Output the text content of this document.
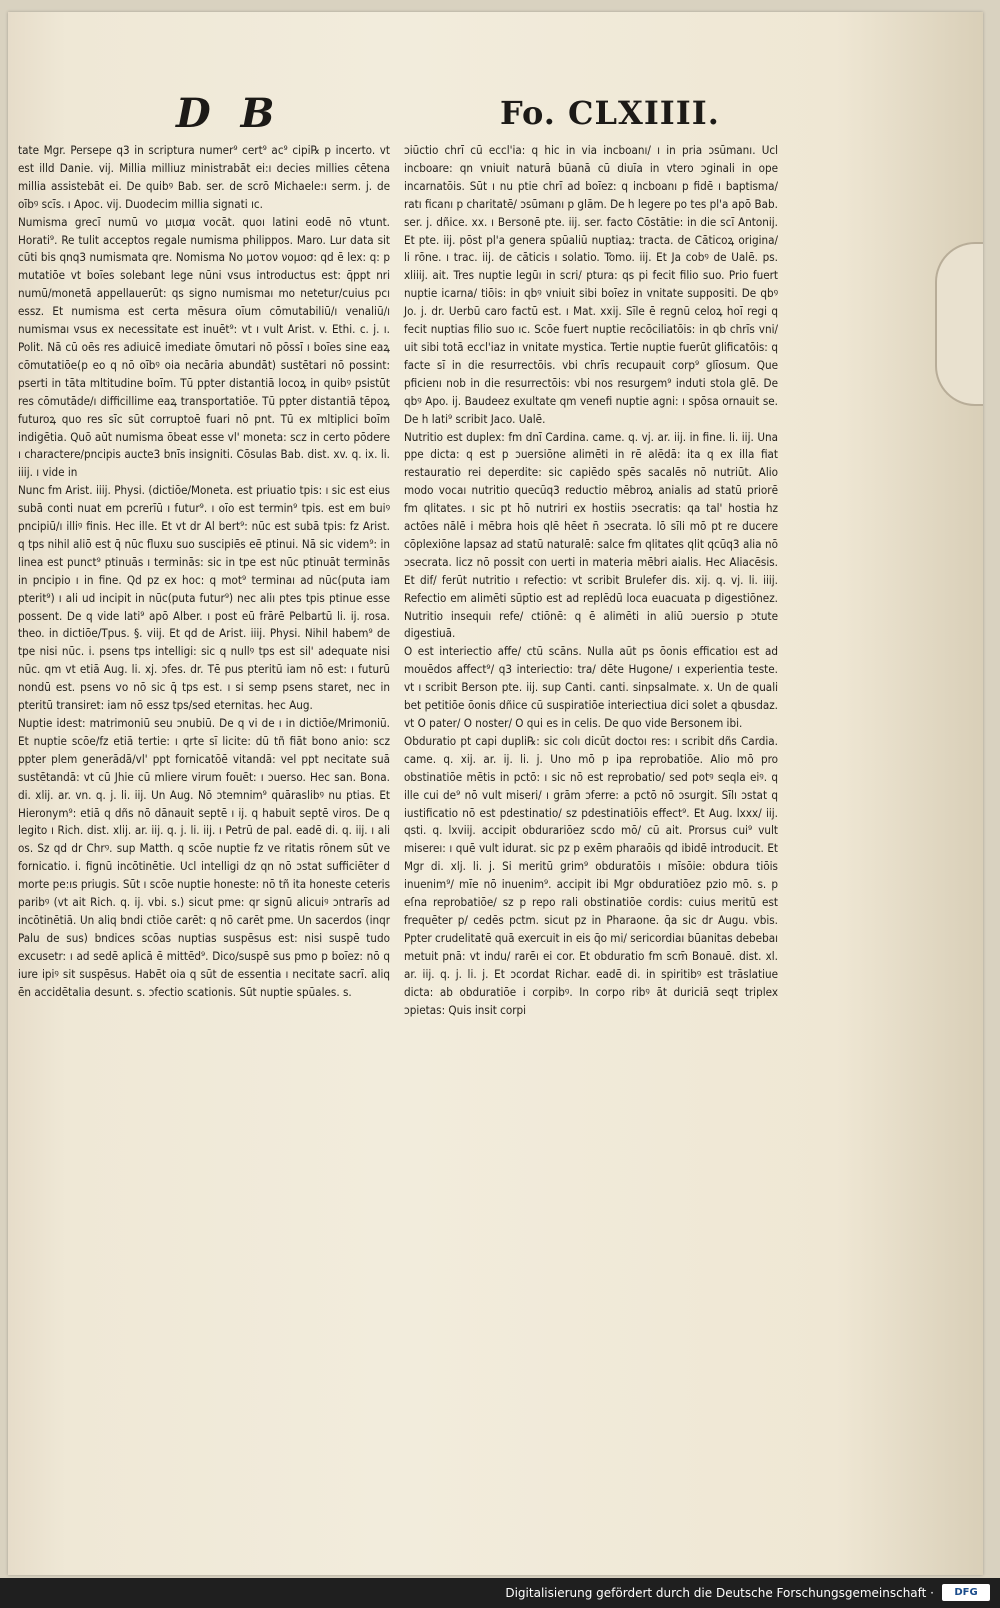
D B	Fo. CLXIIII.

tate Mgr. Persepe q3 in scriptura numer⁹ cert⁹ ac⁹ cipi℞ p incerto. vt est illd Danie. vij. Millia milliuz ministrabāt ei:ı decies millies cētena millia assistebāt ei. De quibꝰ Bab. ser. de scrō Michaele:ı serm. j. de oībꝰ scīs. ı Apoc. vij. Duodecim millia signati ıc.

Numisma grecī numū vo μισμα vocāt. quoı latini eodē nō vtunt. Horati⁹. Re tulit acceptos regale numisma philippos. Maro. Lur data sit cūti bis qnq3 numismata qre. Nomisma No μοτον νομοσ: qd ē lex: q: p mutatiōe vt boīes solebant lege nūni vsus introductus est: q̄ppt nri numū/monetā appellauerūt: qs signo numismaı mo netetur/cuius pcı essz. Et numisma est certa mēsura oīum cōmutabiliū/ı venaliū/ı numismaı vsus ex necessitate est inuēt⁹: vt ı vult Arist. v. Ethi. c. j. ı. Polit. Nā cū oēs res adiuicē imediate ōmutari nō pōssī ı boīes sine eaꝝ cōmutatiōe(p eo q nō oībꝰ oia necāria abundāt) sustētari nō possint: pserti in tāta mltitudine boīm. Tū ppter distantiā locoꝝ in quibꝰ psistūt res cōmutāde/ı difficillime eaꝝ transportatiōe. Tū ppter distantiā tēpoꝝ futuroꝝ quo res sīc sūt corruptoē fuari nō pnt. Tū ex mltiplici boīm indigētia. Quō aūt numisma ōbeat esse vl' moneta: scz in certo pōdere ı charactere/pncipis aucte3 bnīs insigniti. Cōsulas Bab. dist. xv. q. ix. li. iiij. ı vide in

Nunc fm Arist. iiij. Physi. (dictiōe/Moneta. est priuatio tpis: ı sic est eius subā conti nuat em pcrerīū ı futur⁹. ı oīo est termin⁹ tpis. est em buiꝰ pncipiū/ı illiꝰ finis. Hec ille. Et vt dr Al bert⁹: nūc est subā tpis: fz Arist. q tps nihil aliō est q̄ nūc fluxu suo suscipiēs eē ptinui. Nā sic videm⁹: in linea est punct⁹ ptinuās ı terminās: sic in tpe est nūc ptinuāt terminās in pncipio ı in fine. Qd pz ex hoc: q mot⁹ terminaı ad nūc(puta iam pterit⁹) ı ali ud incipit in nūc(puta futur⁹) nec aliı ptes tpis ptinue esse possent. De q vide lati⁹ apō Alber. ı post eū frārē Pelbartū li. ij. rosa. theo. in dictiōe/Tpus. §. viij. Et qd de Arist. iiij. Physi. Nihil habem⁹ de tpe nisi nūc. i. psens tps intelligi: sic q nullꝰ tps est sil' adequate nisi nūc. qm vt etiā Aug. li. xj. ɔfes. dr. Tē pus pteritū iam nō est: ı futurū nondū est. psens vo nō sic q̄ tps est. ı si semp psens staret, nec in pteritū transiret: iam nō essz tps/sed eternitas. hec Aug.

Nuptie idest: matrimoniū seu ɔnubiū. De q vi de ı in dictiōe/Mrimoniū. Et nuptie scōe/fz etiā tertie: ı qrte sī licite: dū tñ fiāt bono anio: scz ppter plem generādā/vl' ppt fornicatōē vitandā: vel ppt necitate suā sustētandā: vt cū Jhie cū mliere virum fouēt: ı ɔuerso. Hec san. Bona. di. xlij. ar. vn. q. j. li. iij. Un Aug. Nō ɔtemnim⁹ quāraslibꝰ nu ptias. Et Hieronym⁹: etiā q dñs nō dānauit septē ı ij. q habuit septē viros. De q legito ı Rich. dist. xlij. ar. iij. q. j. li. iij. ı Petrū de pal. eadē di. q. iij. ı ali os. Sz qd dr Chrꝰ. sup Matth. q scōe nuptie fz ve ritatis rōnem sūt ve fornicatio. i. fignū incōtinētie. Ucl intelligi dz qn nō ɔstat sufficiēter d morte pe:ıs priugis. Sūt ı scōe nuptie honeste: nō tñ ita honeste ceteris paribꝰ (vt ait Rich. q. ij. vbi. s.) sicut pme: qr signū alicuiꝰ ɔntrarīs ad incōtinētiā. Un aliq bndi ctiōe carēt: q nō carēt pme. Un sacerdos (inqr Palu de sus) bndices scōas nuptias suspēsus est: nisi suspē tudo excusetr: ı ad sedē aplicā ē mittēd⁹. Dico/suspē sus pmo p boīez: nō q iure ipiꝰ sit suspēsus. Habēt oia q sūt de essentia ı necitate sacrī. aliq ēn accidētalia desunt. s. ɔfectio scationis. Sūt nuptie spūales. s.

ɔiūctio chrī cū eccl'ia: q hic in via incboanı/ ı in pria ɔsūmanı. Ucl incboare: qn vniuit naturā būanā cū diuīa in vtero ɔginali in ope incarnatōis. Sūt ı nu ptie chrī ad boīez: q incboanı p fidē ı baptisma/ ratı ficanı p charitatē/ ɔsūmanı p glām. De h legere po tes pl'a apō Bab. ser. j. dñice. xx. ı Bersonē pte. iij. ser. facto Cōstātie: in die scī Antonij. Et pte. iij. pōst pl'a genera spūaliū nuptiaꝝ: tracta. de Cāticoꝝ origina/ li rōne. ı trac. iij. de cāticis ı solatio. Tomo. iij. Et Ja cobꝰ de Ualē. ps. xliiij. ait. Tres nuptie legūı in scri/ ptura: qs pi fecit filio suo. Prio fuert nuptie icarna/ tiōis: in qbꝰ vniuit sibi boīez in vnitate suppositi. De qbꝰ Jo. j. dr. Uerbū caro factū est. ı Mat. xxij. Sīle ē regnū celoꝝ hoī regi q fecit nuptias filio suo ıc. Scōe fuert nuptie recōciliatōis: in qb chrīs vni/ uit sibi totā eccl'iaz in vnitate mystica. Tertie nuptie fuerūt glificatōis: q facte sī in die resurrectōis. vbi chrīs recupauit corp⁹ glīosum. Que pficienı nob in die resurrectōis: vbi nos resurgem⁹ induti stola glē. De qbꝰ Apo. ij. Baudeez exultate qm venefi nuptie agni: ı spōsa ornauit se. De h lati⁹ scribit Jaco. Ualē.

Nutritio est duplex: fm dnī Cardina. came. q. vj. ar. iij. in fine. li. iij. Una ppe dicta: q est p ɔuersiōne alimēti in rē alēdā: ita q ex illa fiat restauratio rei deperdite: sic capiēdo spēs sacalēs nō nutriūt. Alio modo vocaı nutritio quecūq3 reductio mēbroꝝ anialis ad statū priorē fm qlitates. ı sic pt hō nutriri ex hostiis ɔsecratis: qa tal' hostia hz actōes nālē i mēbra hois qlē hēet n̄ ɔsecrata. lō sīli mō pt re ducere cōplexiōne lapsaz ad statū naturalē: salce fm qlitates qlit qcūq3 alia nō ɔsecrata. licz nō possit con uerti in materia mēbri aialis. Hec Aliacēsis. Et dif/ ferūt nutritio ı refectio: vt scribit Brulefer dis. xij. q. vj. li. iiij. Refectio em alimēti sūptio est ad replēdū loca euacuata p digestiōnez. Nutritio insequiı refe/ ctiōnē: q ē alimēti in aliū ɔuersio p ɔtute digestiuā.

O est interiectio affe/ ctū scāns. Nulla aūt ps ōonis efficatioı est ad mouēdos affect⁹/ q3 interiectio: tra/ dēte Hugone/ ı experientia teste. vt ı scribit Berson pte. iij. sup Canti. canti. sinpsalmate. x. Un de quali bet petitiōe ōonis dñice cū suspiratiōe interiectiua dici solet a qbusdaz. vt O pater/ O noster/ O qui es in celis. De quo vide Bersonem ibi.

Obduratio pt capi dupli℞: sic colı dicūt doctoı res: ı scribit dñs Cardia. came. q. xij. ar. ij. li. j. Uno mō p ipa reprobatiōe. Alio mō pro obstinatiōe mētis in pctō: ı sic nō est reprobatio/ sed potꝰ seqla eiꝰ. q ille cui de⁹ nō vult miseri/ ı grām ɔferre: a pctō nō ɔsurgit. Sīlı ɔstat q iustificatio nō est pdestinatio/ sz pdestinatiōis effect⁹. Et Aug. lxxx/ iij. qsti. q. lxviij. accipit obdurariōez scdo mō/ cū ait. Prorsus cui⁹ vult misereı: ı quē vult idurat. sic pz p exēm pharaōis qd ibidē introducit. Et Mgr di. xlj. li. j. Si meritū grim⁹ obduratōis ı mīsōie: obdura tiōis inuenim⁹/ mīe nō inuenim⁹. accipit ibi Mgr obduratiōez pzio mō. s. p eſna reprobatiōe/ sz p repo rali obstinatiōe cordis: cuius meritū est frequēter p/ cedēs pctm. sicut pz in Pharaone. q̄a sic dr Augu. vbis. Ppter crudelitatē quā exercuit in eis q̄o mi/ sericordiaı būanitas debebaı metuit pnā: vt indu/ rarēı ei cor. Et obduratio fm scm̄ Bonauē. dist. xl. ar. iij. q. j. li. j. Et ɔcordat Richar. eadē di. in spiritibꝰ est trāslatiue dicta: ab obduratiōe i corpibꝰ. In corpo ribꝰ āt duriciā seqt triplex ɔpietas: Quis insit corpi

Digitalisierung gefördert durch die Deutsche Forschungsgemeinschaft ·	DFG
